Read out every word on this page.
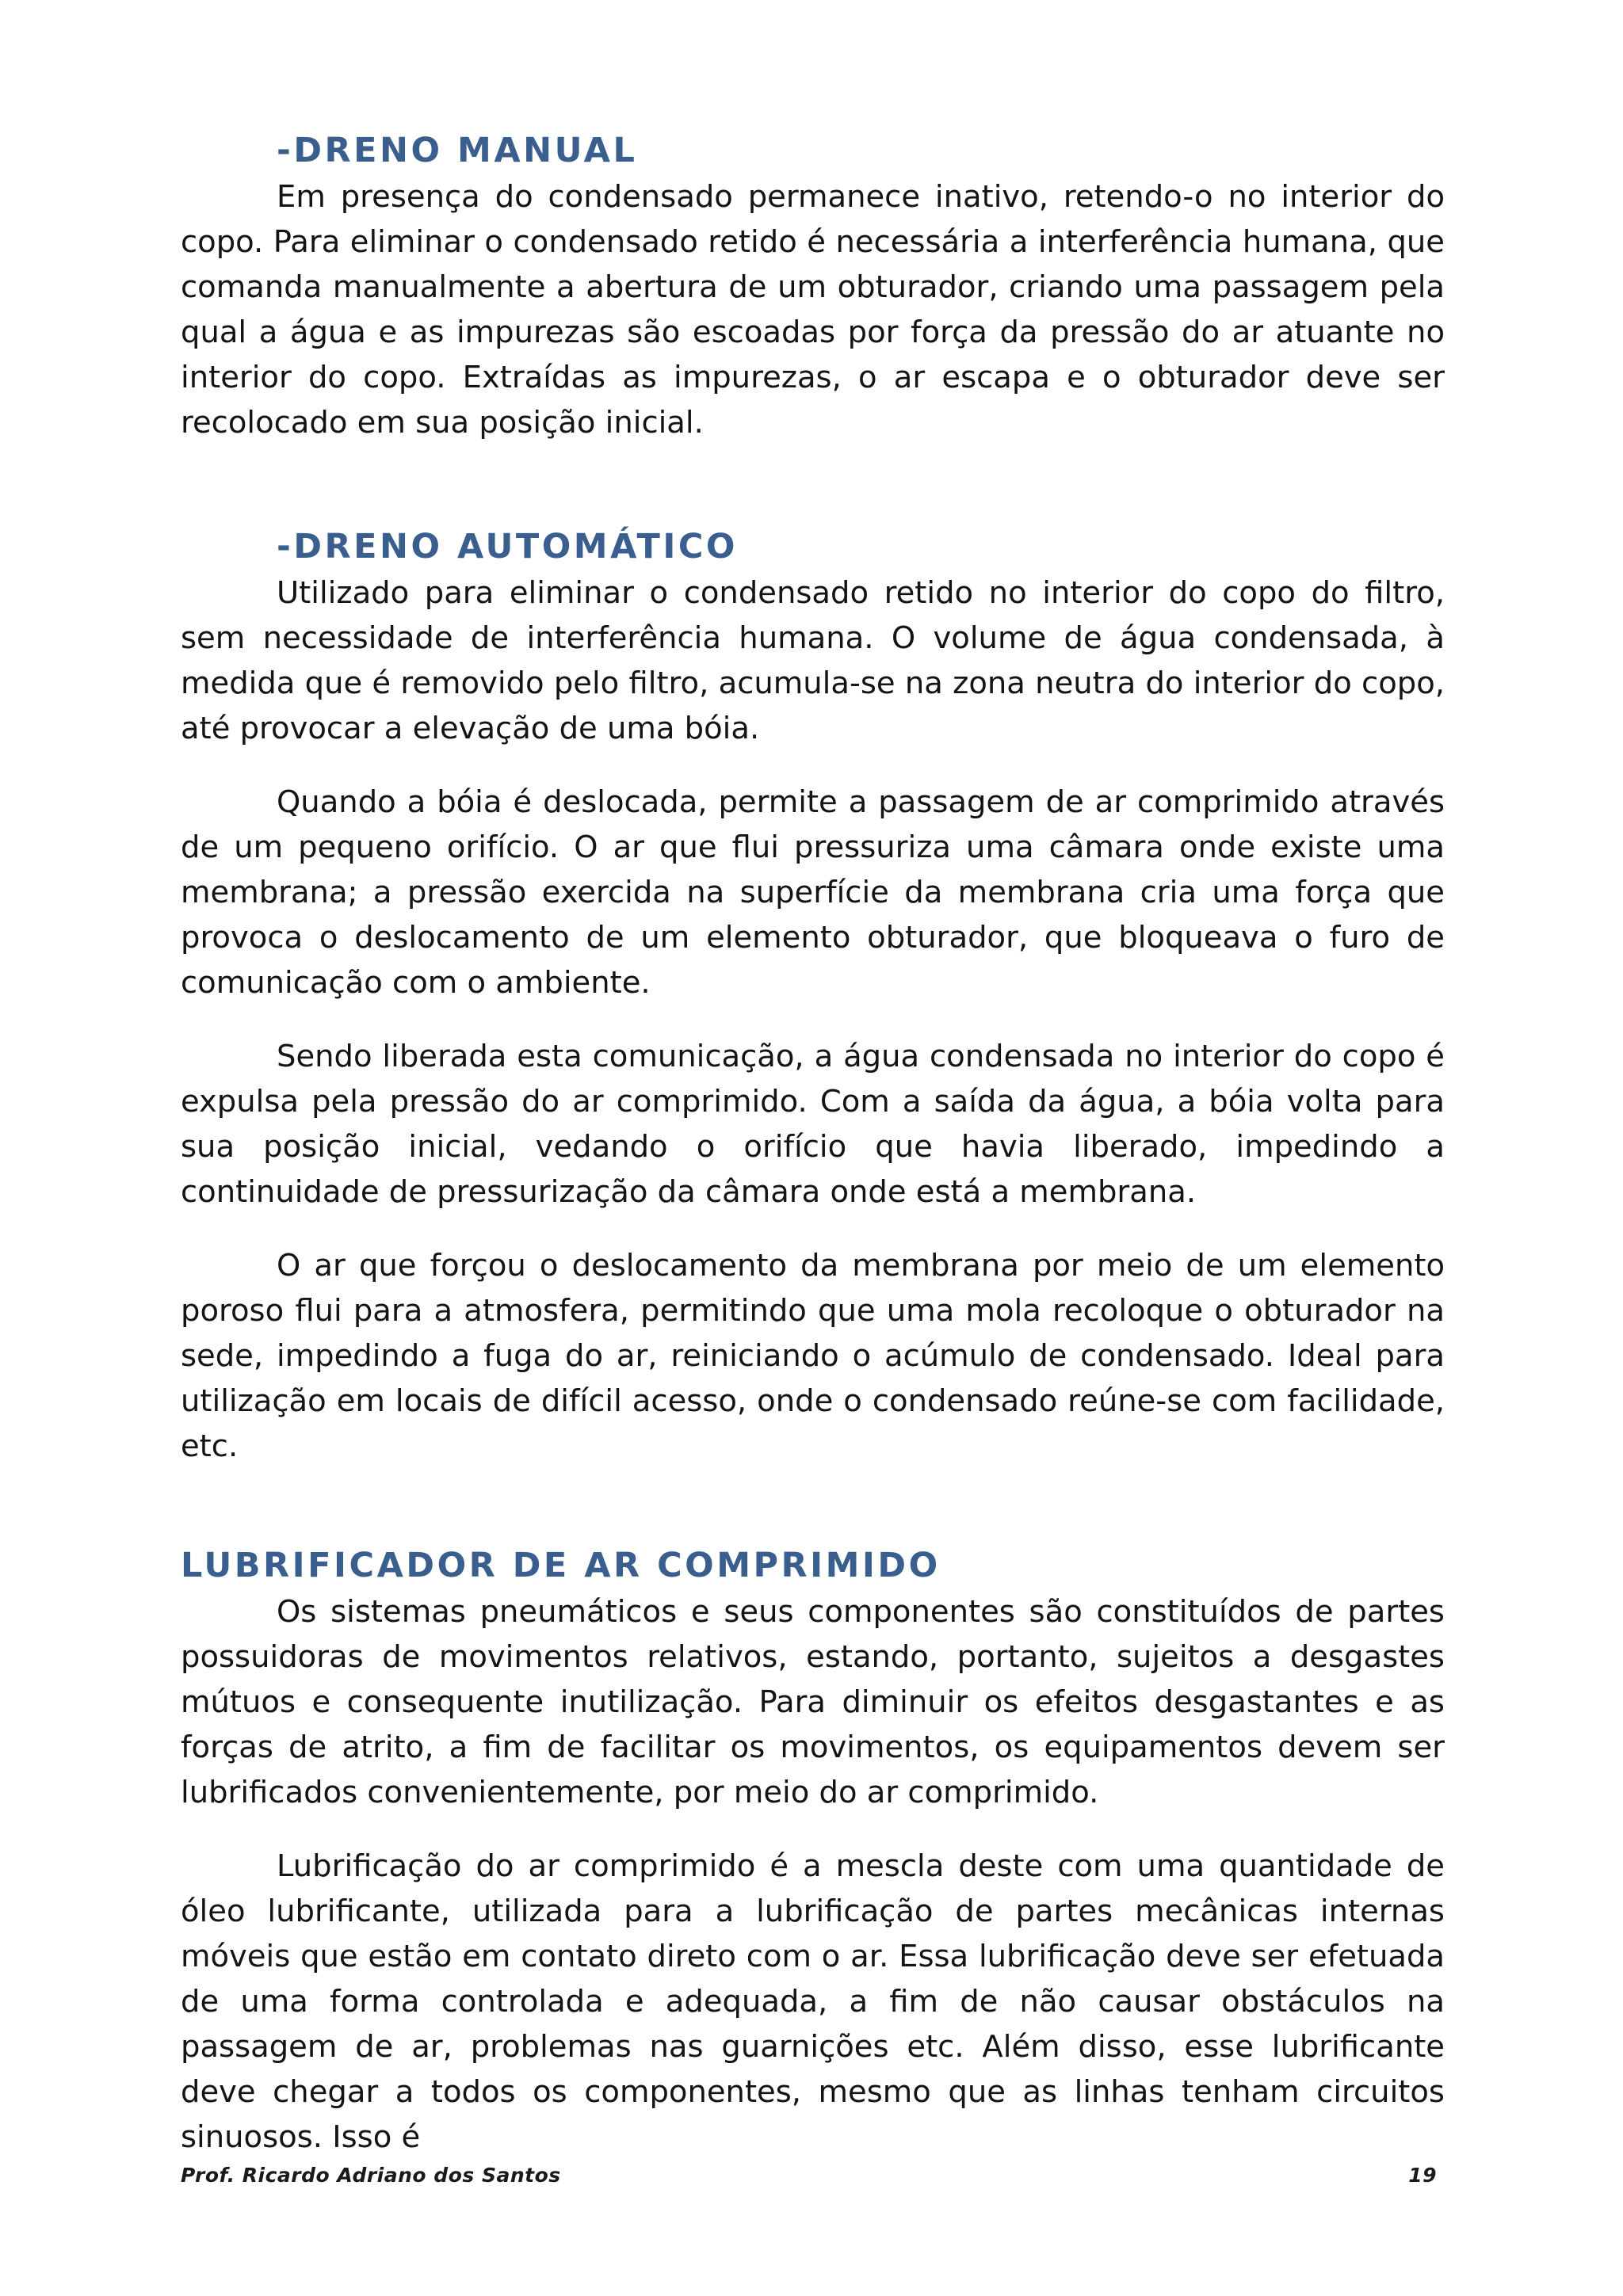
-DRENO MANUAL

Em presença do condensado permanece inativo, retendo-o no interior do copo. Para eliminar o condensado retido é necessária a interferência humana, que comanda manualmente a abertura de um obturador, criando uma passagem pela qual a água e as impurezas são escoadas por força da pressão do ar atuante no interior do copo. Extraídas as impurezas, o ar escapa e o obturador deve ser recolocado em sua posição inicial.

-DRENO AUTOMÁTICO

Utilizado para eliminar o condensado retido no interior do copo do filtro, sem necessidade de interferência humana. O volume de água condensada, à medida que é removido pelo filtro, acumula-se na zona neutra do interior do copo, até provocar a elevação de uma bóia.

Quando a bóia é deslocada, permite a passagem de ar comprimido através de um pequeno orifício. O ar que flui pressuriza uma câmara onde existe uma membrana; a pressão exercida na superfície da membrana cria uma força que provoca o deslocamento de um elemento obturador, que bloqueava o furo de comunicação com o ambiente.

Sendo liberada esta comunicação, a água condensada no interior do copo é expulsa pela pressão do ar comprimido. Com a saída da água, a bóia volta para sua posição inicial, vedando o orifício que havia liberado, impedindo a continuidade de pressurização da câmara onde está a membrana.

O ar que forçou o deslocamento da membrana por meio de um elemento poroso flui para a atmosfera, permitindo que uma mola recoloque o obturador na sede, impedindo a fuga do ar, reiniciando o acúmulo de condensado. Ideal para utilização em locais de difícil acesso, onde o condensado reúne-se com facilidade, etc.

LUBRIFICADOR DE AR COMPRIMIDO

Os sistemas pneumáticos e seus componentes são constituídos de partes possuidoras de movimentos relativos, estando, portanto, sujeitos a desgastes mútuos e consequente inutilização. Para diminuir os efeitos desgastantes e as forças de atrito, a fim de facilitar os movimentos, os equipamentos devem ser lubrificados convenientemente, por meio do ar comprimido.

Lubrificação do ar comprimido é a mescla deste com uma quantidade de óleo lubrificante, utilizada para a lubrificação de partes mecânicas internas móveis que estão em contato direto com o ar. Essa lubrificação deve ser efetuada de uma forma controlada e adequada, a fim de não causar obstáculos na passagem de ar, problemas nas guarnições etc. Além disso, esse lubrificante deve chegar a todos os componentes, mesmo que as linhas tenham circuitos sinuosos. Isso é

Prof. Ricardo Adriano dos Santos	19
